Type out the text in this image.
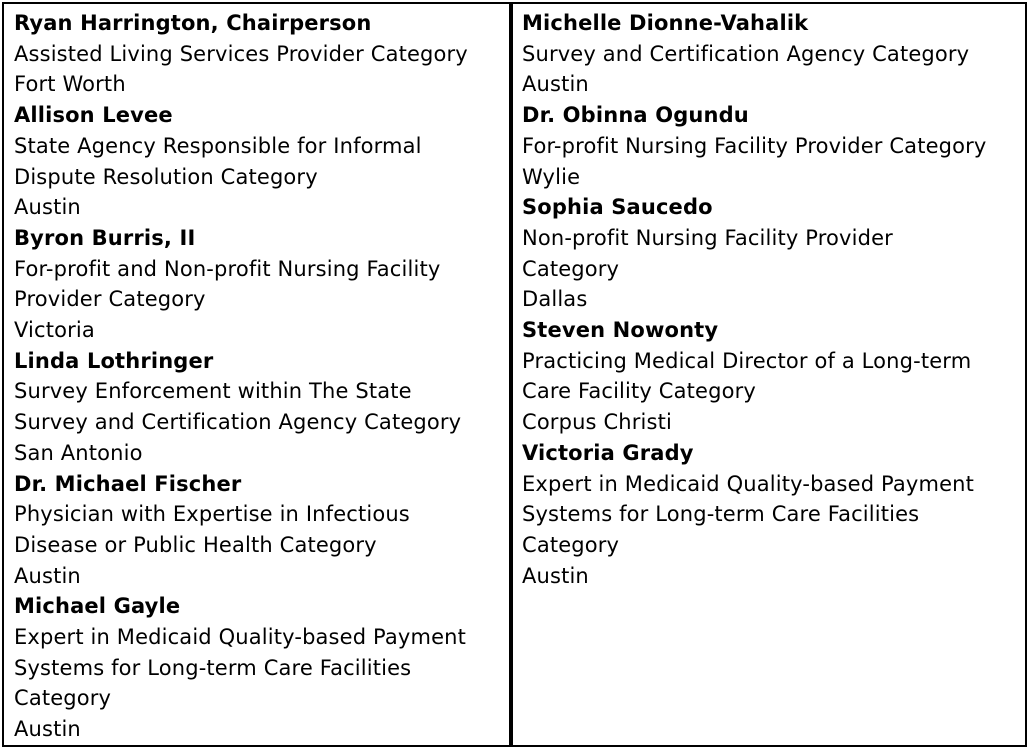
Ryan Harrington, Chairperson
Assisted Living Services Provider Category
Fort Worth
Allison Levee
State Agency Responsible for Informal
Dispute Resolution Category
Austin
Byron Burris, II
For-profit and Non-profit Nursing Facility
Provider Category
Victoria
Linda Lothringer
Survey Enforcement within The State
Survey and Certification Agency Category
San Antonio
Dr. Michael Fischer
Physician with Expertise in Infectious
Disease or Public Health Category
Austin
Michael Gayle
Expert in Medicaid Quality-based Payment
Systems for Long-term Care Facilities
Category
Austin
Michelle Dionne-Vahalik
Survey and Certification Agency Category
Austin
Dr. Obinna Ogundu
For-profit Nursing Facility Provider Category
Wylie
Sophia Saucedo
Non-profit Nursing Facility Provider
Category
Dallas
Steven Nowonty
Practicing Medical Director of a Long-term
Care Facility Category
Corpus Christi
Victoria Grady
Expert in Medicaid Quality-based Payment
Systems for Long-term Care Facilities
Category
Austin
